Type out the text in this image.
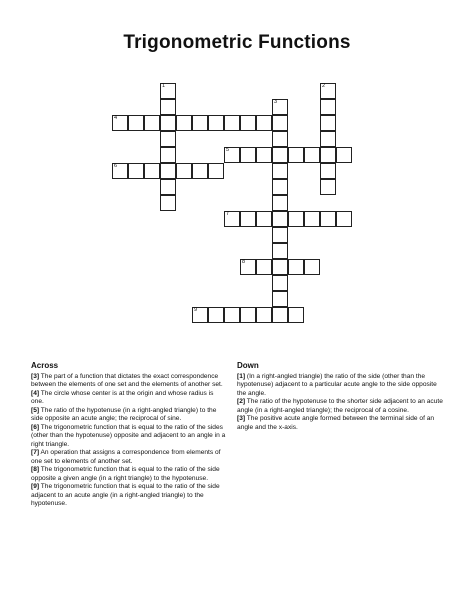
Trigonometric Functions
1	2
3
4
5
6
7
8
9
Across

[3] The part of a function that dictates the exact correspondence between the elements of one set and the elements of another set.

[4] The circle whose center is at the origin and whose radius is one.

[5] The ratio of the hypotenuse (in a right-angled triangle) to the side opposite an acute angle; the reciprocal of sine.

[6] The trigonometric function that is equal to the ratio of the sides (other than the hypotenuse) opposite and adjacent to an angle in a right triangle.

[7] An operation that assigns a correspondence from elements of one set to elements of another set.

[8] The trigonometric function that is equal to the ratio of the side opposite a given angle (in a right triangle) to the hypotenuse.

[9] The trigonometric function that is equal to the ratio of the side adjacent to an acute angle (in a right-angled triangle) to the hypotenuse.

Down

[1] (In a right-angled triangle) the ratio of the side (other than the hypotenuse) adjacent to a particular acute angle to the side opposite the angle.

[2] The ratio of the hypotenuse to the shorter side adjacent to an acute angle (in a right-angled triangle); the reciprocal of a cosine.

[3] The positive acute angle formed between the terminal side of an angle and the x-axis.
